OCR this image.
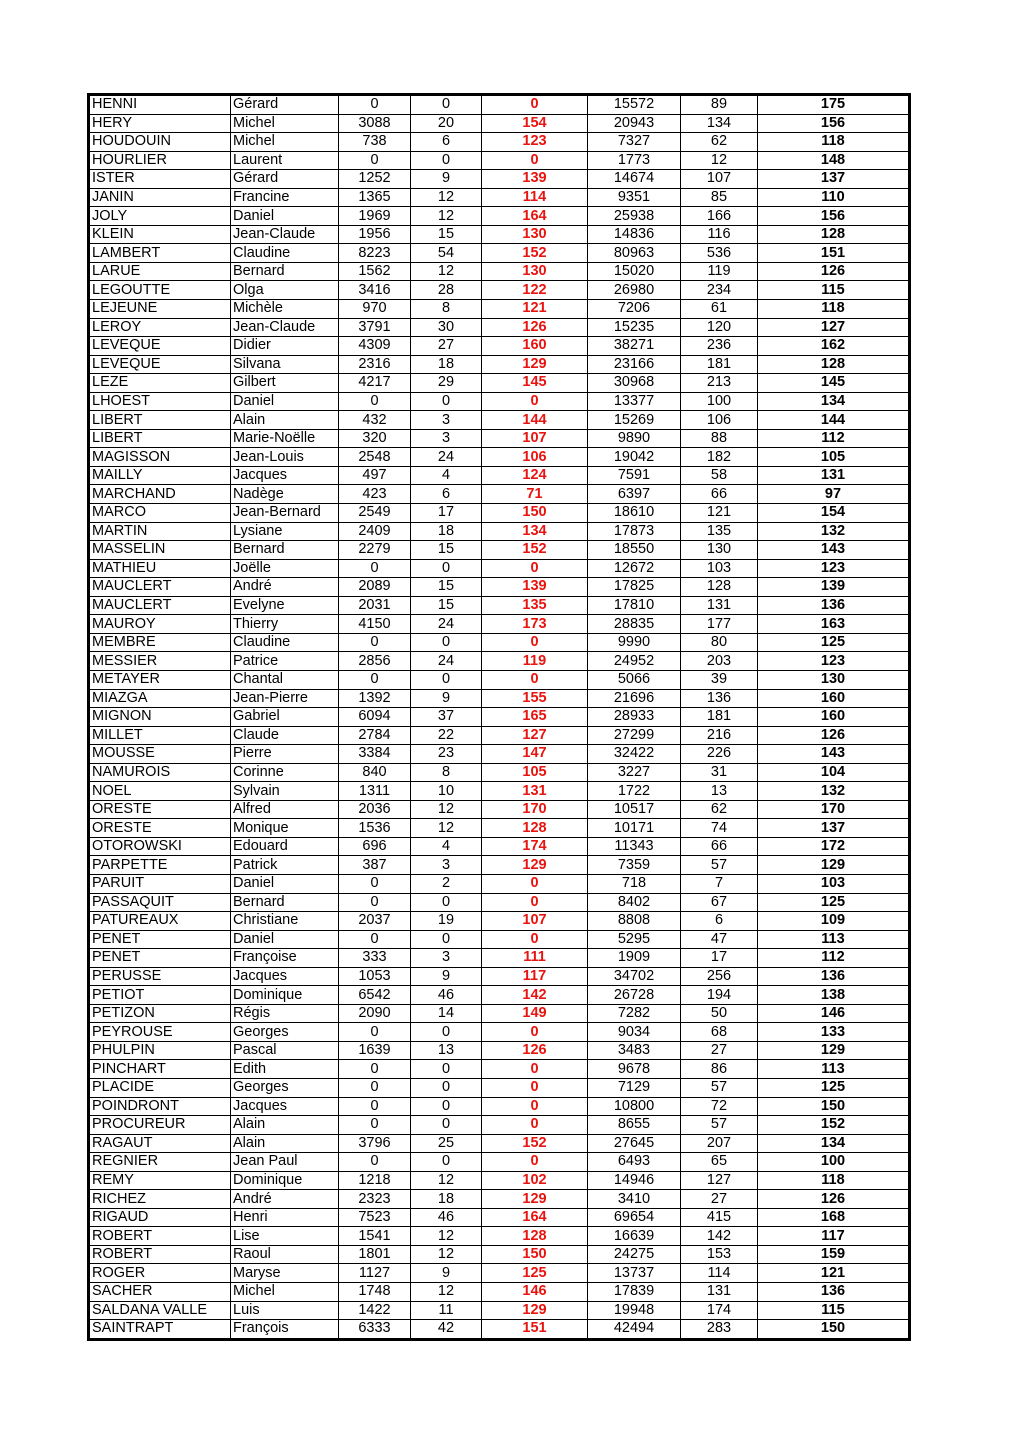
HENNI	Gérard	0	0	0	15572	89	175
HERY	Michel	3088	20	154	20943	134	156
HOUDOUIN	Michel	738	6	123	7327	62	118
HOURLIER	Laurent	0	0	0	1773	12	148
ISTER	Gérard	1252	9	139	14674	107	137
JANIN	Francine	1365	12	114	9351	85	110
JOLY	Daniel	1969	12	164	25938	166	156
KLEIN	Jean-Claude	1956	15	130	14836	116	128
LAMBERT	Claudine	8223	54	152	80963	536	151
LARUE	Bernard	1562	12	130	15020	119	126
LEGOUTTE	Olga	3416	28	122	26980	234	115
LEJEUNE	Michèle	970	8	121	7206	61	118
LEROY	Jean-Claude	3791	30	126	15235	120	127
LEVEQUE	Didier	4309	27	160	38271	236	162
LEVEQUE	Silvana	2316	18	129	23166	181	128
LEZE	Gilbert	4217	29	145	30968	213	145
LHOEST	Daniel	0	0	0	13377	100	134
LIBERT	Alain	432	3	144	15269	106	144
LIBERT	Marie-Noëlle	320	3	107	9890	88	112
MAGISSON	Jean-Louis	2548	24	106	19042	182	105
MAILLY	Jacques	497	4	124	7591	58	131
MARCHAND	Nadège	423	6	71	6397	66	97
MARCO	Jean-Bernard	2549	17	150	18610	121	154
MARTIN	Lysiane	2409	18	134	17873	135	132
MASSELIN	Bernard	2279	15	152	18550	130	143
MATHIEU	Joëlle	0	0	0	12672	103	123
MAUCLERT	André	2089	15	139	17825	128	139
MAUCLERT	Evelyne	2031	15	135	17810	131	136
MAUROY	Thierry	4150	24	173	28835	177	163
MEMBRE	Claudine	0	0	0	9990	80	125
MESSIER	Patrice	2856	24	119	24952	203	123
METAYER	Chantal	0	0	0	5066	39	130
MIAZGA	Jean-Pierre	1392	9	155	21696	136	160
MIGNON	Gabriel	6094	37	165	28933	181	160
MILLET	Claude	2784	22	127	27299	216	126
MOUSSE	Pierre	3384	23	147	32422	226	143
NAMUROIS	Corinne	840	8	105	3227	31	104
NOEL	Sylvain	1311	10	131	1722	13	132
ORESTE	Alfred	2036	12	170	10517	62	170
ORESTE	Monique	1536	12	128	10171	74	137
OTOROWSKI	Edouard	696	4	174	11343	66	172
PARPETTE	Patrick	387	3	129	7359	57	129
PARUIT	Daniel	0	2	0	718	7	103
PASSAQUIT	Bernard	0	0	0	8402	67	125
PATUREAUX	Christiane	2037	19	107	8808	6	109
PENET	Daniel	0	0	0	5295	47	113
PENET	Françoise	333	3	111	1909	17	112
PERUSSE	Jacques	1053	9	117	34702	256	136
PETIOT	Dominique	6542	46	142	26728	194	138
PETIZON	Régis	2090	14	149	7282	50	146
PEYROUSE	Georges	0	0	0	9034	68	133
PHULPIN	Pascal	1639	13	126	3483	27	129
PINCHART	Edith	0	0	0	9678	86	113
PLACIDE	Georges	0	0	0	7129	57	125
POINDRONT	Jacques	0	0	0	10800	72	150
PROCUREUR	Alain	0	0	0	8655	57	152
RAGAUT	Alain	3796	25	152	27645	207	134
REGNIER	Jean Paul	0	0	0	6493	65	100
REMY	Dominique	1218	12	102	14946	127	118
RICHEZ	André	2323	18	129	3410	27	126
RIGAUD	Henri	7523	46	164	69654	415	168
ROBERT	Lise	1541	12	128	16639	142	117
ROBERT	Raoul	1801	12	150	24275	153	159
ROGER	Maryse	1127	9	125	13737	114	121
SACHER	Michel	1748	12	146	17839	131	136
SALDANA VALLE	Luis	1422	11	129	19948	174	115
SAINTRAPT	François	6333	42	151	42494	283	150
